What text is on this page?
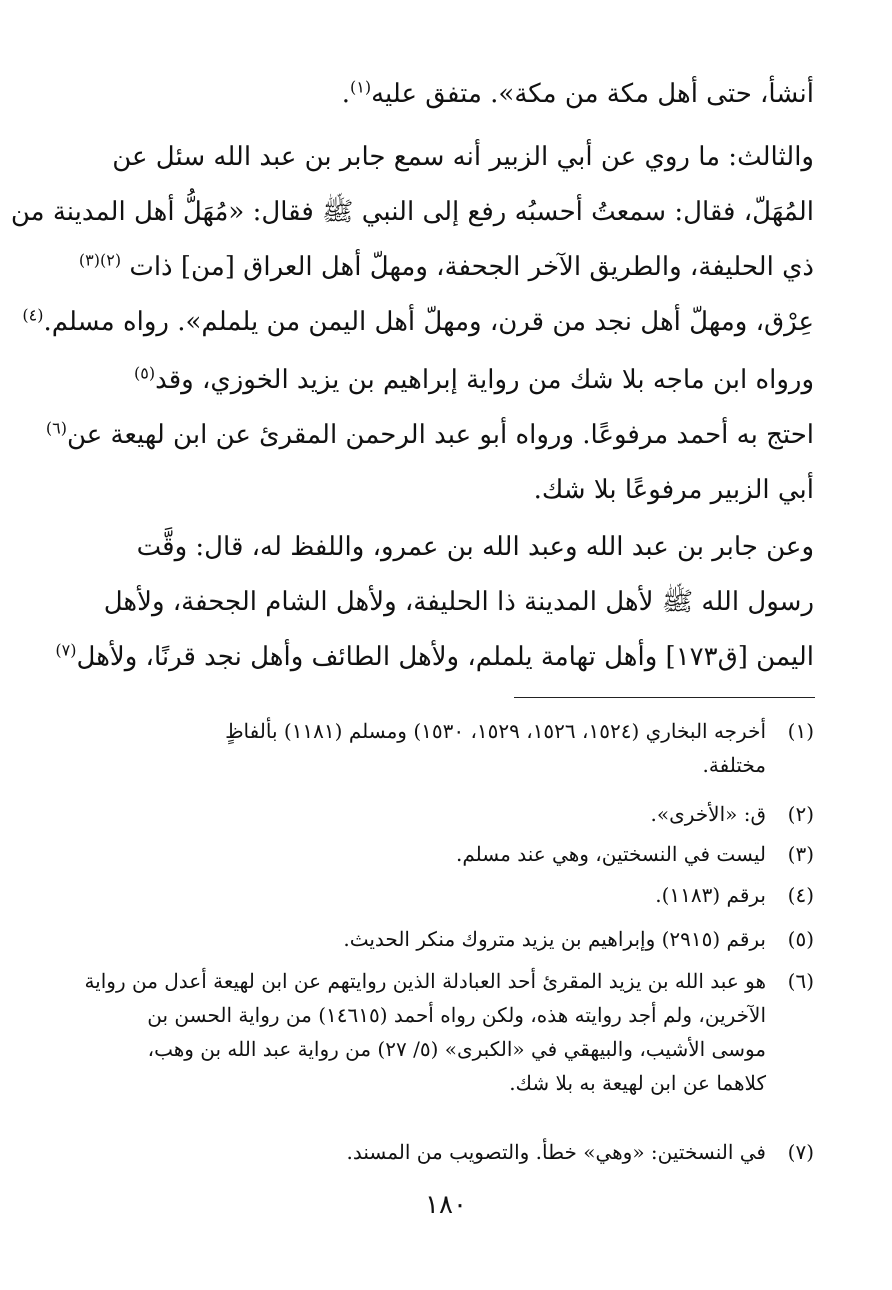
أنشأ، حتى أهل مكة من مكة». متفق عليه$^{(١)}$.
والثالث: ما روي عن أبي الزبير أنه سمع جابر بن عبد الله سئل عن
المُهَلّ، فقال: سمعتُ أحسبُه رفع إلى النبي ﷺ فقال: «مُهَلُّ أهل المدينة من
ذي الحليفة، والطريق الآخر الجحفة، ومهلّ أهل العراق [من] ذات $^{(٢)(٣)}$
عِرْق، ومهلّ أهل نجد من قرن، ومهلّ أهل اليمن من يلملم». رواه مسلم.$^{(٤)}$
ورواه ابن ماجه بلا شك من رواية إبراهيم بن يزيد الخوزي، وقد$^{(٥)}$
احتج به أحمد مرفوعًا. ورواه أبو عبد الرحمن المقرئ عن ابن لهيعة عن$^{(٦)}$
أبي الزبير مرفوعًا بلا شك.
وعن جابر بن عبد الله وعبد الله بن عمرو، واللفظ له، قال: وقَّت
رسول الله ﷺ لأهل المدينة ذا الحليفة، ولأهل الشام الجحفة، ولأهل
اليمن [ق١٧٣] وأهل تهامة يلملم، ولأهل الطائف وأهل نجد قرنًا، ولأهل$^{(٧)}$
(١)
أخرجه البخاري (١٥٢٤، ١٥٢٦، ١٥٢٩، ١٥٣٠) ومسلم (١١٨١) بألفاظٍ
مختلفة.
(٢)
ق: «الأخرى».
(٣)
ليست في النسختين، وهي عند مسلم.
(٤)
برقم (١١٨٣).
(٥)
برقم (٢٩١٥) وإبراهيم بن يزيد متروك منكر الحديث.
(٦)
هو عبد الله بن يزيد المقرئ أحد العبادلة الذين روايتهم عن ابن لهيعة أعدل من رواية
الآخرين، ولم أجد روايته هذه، ولكن رواه أحمد (١٤٦١٥) من رواية الحسن بن
موسى الأشيب، والبيهقي في «الكبرى» (٥/ ٢٧) من رواية عبد الله بن وهب،
كلاهما عن ابن لهيعة به بلا شك.
(٧)
في النسختين: «وهي» خطأ. والتصويب من المسند.
١٨٠
